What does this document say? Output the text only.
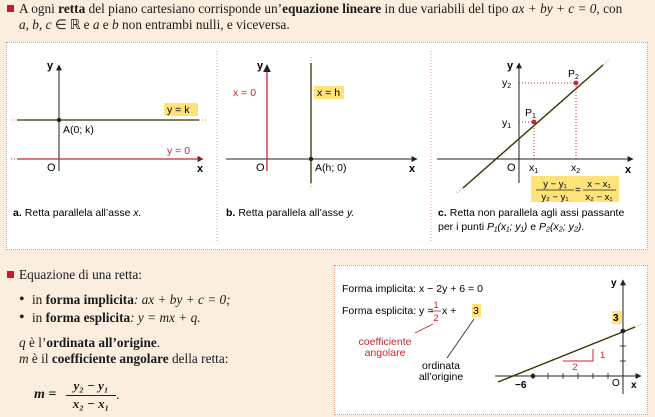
A ogni retta del piano cartesiano corrisponde un’equazione lineare in due variabili del tipo ax + by + c = 0, con
a, b, c ∈ ℝ e a e b non entrambi nulli, e viceversa.
y
x
O
y = k
A(0; k)
y = 0
a. Retta parallela all’asse x.
y
x
O
x = 0	x = h
A(h; 0)
b. Retta parallela all’asse y.
y
x
O
y2
y1
x1	x2
P1
P2
y − y₁
y₂ − y₁
=
x − x₁
x₂ − x₁
c. Retta non parallela agli assi passante
per i punti P₁(x₁; y₁) e P₂(x₂; y₂).
Equazione di una retta:
• in forma implicita: ax + by + c = 0;
• in forma esplicita: y = mx + q.
q è l’ordinata all’origine.
m è il coefficiente angolare della retta:
m =
y₂ − y₁
x₂ − x₁
.
Forma implicita: x − 2y + 6 = 0
Forma esplicita: y = 1
2
x + 3
coefficiente
angolare
ordinata
all’origine
2
1
3
−6	O x
y
